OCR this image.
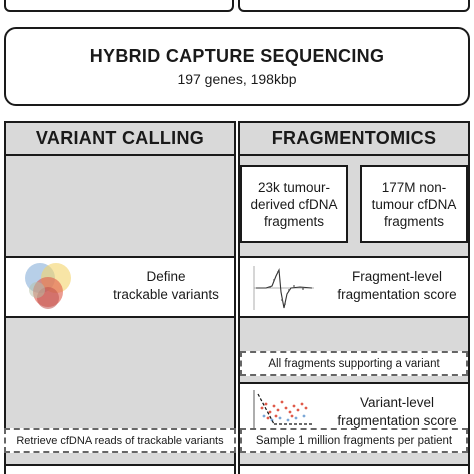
HYBRID CAPTURE SEQUENCING
197 genes, 198kbp
VARIANT CALLING	FRAGMENTOMICS
23k tumour-
derived cfDNA
fragments
177M non-
tumour cfDNA
fragments
Define
trackable variants
Fragment-level
fragmentation score
All fragments supporting a variant
Variant-level
fragmentation score
Retrieve cfDNA reads of trackable variants	Sample 1 million fragments per patient
